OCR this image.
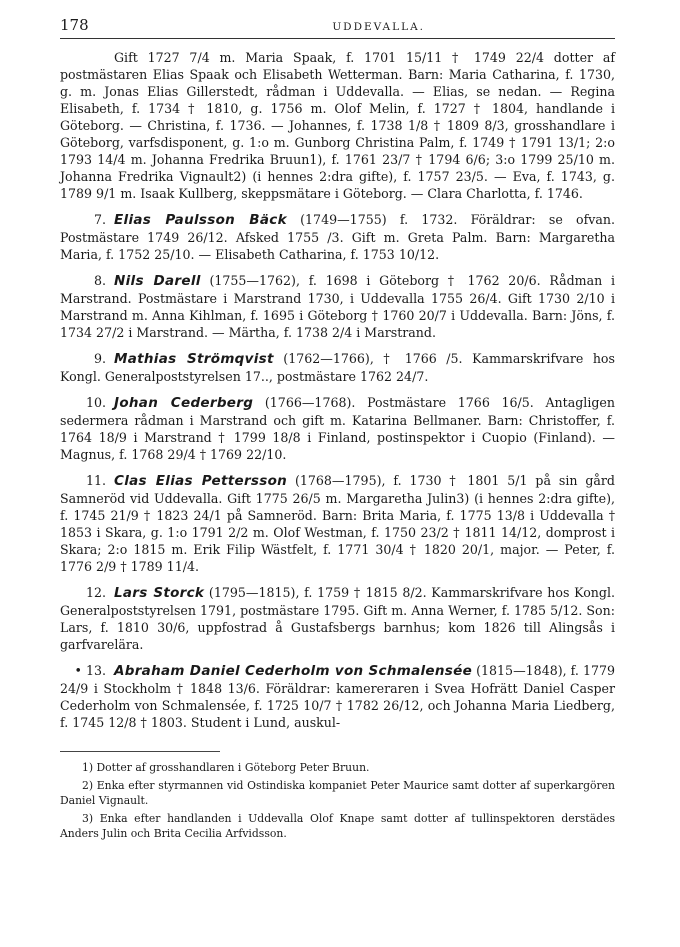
178	UDDEVALLA.

Gift 1727 7/4 m. Maria Spaak, f. 1701 15/11 † 1749 22/4 dotter af postmästaren Elias Spaak och Elisabeth Wetterman. Barn: Maria Catharina, f. 1730, g. m. Jonas Elias Gillerstedt, rådman i Uddevalla. — Elias, se nedan. — Regina Elisabeth, f. 1734 † 1810, g. 1756 m. Olof Melin, f. 1727 † 1804, handlande i Göteborg. — Christina, f. 1736. — Johannes, f. 1738 1/8 † 1809 8/3, grosshandlare i Göteborg, varfsdisponent, g. 1:o m. Gunborg Christina Palm, f. 1749 † 1791 13/1; 2:o 1793 14/4 m. Johanna Fredrika Bruun1), f. 1761 23/7 † 1794 6/6; 3:o 1799 25/10 m. Johanna Fredrika Vignault2) (i hennes 2:dra gifte), f. 1757 23/5. — Eva, f. 1743, g. 1789 9/1 m. Isaak Kullberg, skeppsmätare i Göteborg. — Clara Charlotta, f. 1746.

7. Elias Paulsson Bäck (1749—1755) f. 1732. Föräldrar: se ofvan. Postmästare 1749 26/12. Afsked 1755 /3. Gift m. Greta Palm. Barn: Margaretha Maria, f. 1752 25/10. — Elisabeth Catharina, f. 1753 10/12.

8. Nils Darell (1755—1762), f. 1698 i Göteborg † 1762 20/6. Rådman i Marstrand. Postmästare i Marstrand 1730, i Uddevalla 1755 26/4. Gift 1730 2/10 i Marstrand m. Anna Kihlman, f. 1695 i Göteborg † 1760 20/7 i Uddevalla. Barn: Jöns, f. 1734 27/2 i Marstrand. — Märtha, f. 1738 2/4 i Marstrand.

9. Mathias Strömqvist (1762—1766), † 1766 /5. Kammarskrifvare hos Kongl. Generalpoststyrelsen 17.., postmästare 1762 24/7.

10. Johan Cederberg (1766—1768). Postmästare 1766 16/5. Antagligen sedermera rådman i Marstrand och gift m. Katarina Bellmaner. Barn: Christoffer, f. 1764 18/9 i Marstrand † 1799 18/8 i Finland, postinspektor i Cuopio (Finland). — Magnus, f. 1768 29/4 † 1769 22/10.

11. Clas Elias Pettersson (1768—1795), f. 1730 † 1801 5/1 på sin gård Samneröd vid Uddevalla. Gift 1775 26/5 m. Margaretha Julin3) (i hennes 2:dra gifte), f. 1745 21/9 † 1823 24/1 på Samneröd. Barn: Brita Maria, f. 1775 13/8 i Uddevalla † 1853 i Skara, g. 1:o 1791 2/2 m. Olof Westman, f. 1750 23/2 † 1811 14/12, domprost i Skara; 2:o 1815 m. Erik Filip Wästfelt, f. 1771 30/4 † 1820 20/1, major. — Peter, f. 1776 2/9 † 1789 11/4.

12. Lars Storck (1795—1815), f. 1759 † 1815 8/2. Kammarskrifvare hos Kongl. Generalpoststyrelsen 1791, postmästare 1795. Gift m. Anna Werner, f. 1785 5/12. Son: Lars, f. 1810 30/6, uppfostrad å Gustafsbergs barnhus; kom 1826 till Alingsås i garfvarelära.

• 13. Abraham Daniel Cederholm von Schmalensée (1815—1848), f. 1779 24/9 i Stockholm † 1848 13/6. Föräldrar: kamereraren i Svea Hofrätt Daniel Casper Cederholm von Schmalensée, f. 1725 10/7 † 1782 26/12, och Johanna Maria Liedberg, f. 1745 12/8 † 1803. Student i Lund, auskul-

1) Dotter af grosshandlaren i Göteborg Peter Bruun.

2) Enka efter styrmannen vid Ostindiska kompaniet Peter Maurice samt dotter af superkargören Daniel Vignault.

3) Enka efter handlanden i Uddevalla Olof Knape samt dotter af tullinspektoren derstädes Anders Julin och Brita Cecilia Arfvidsson.
